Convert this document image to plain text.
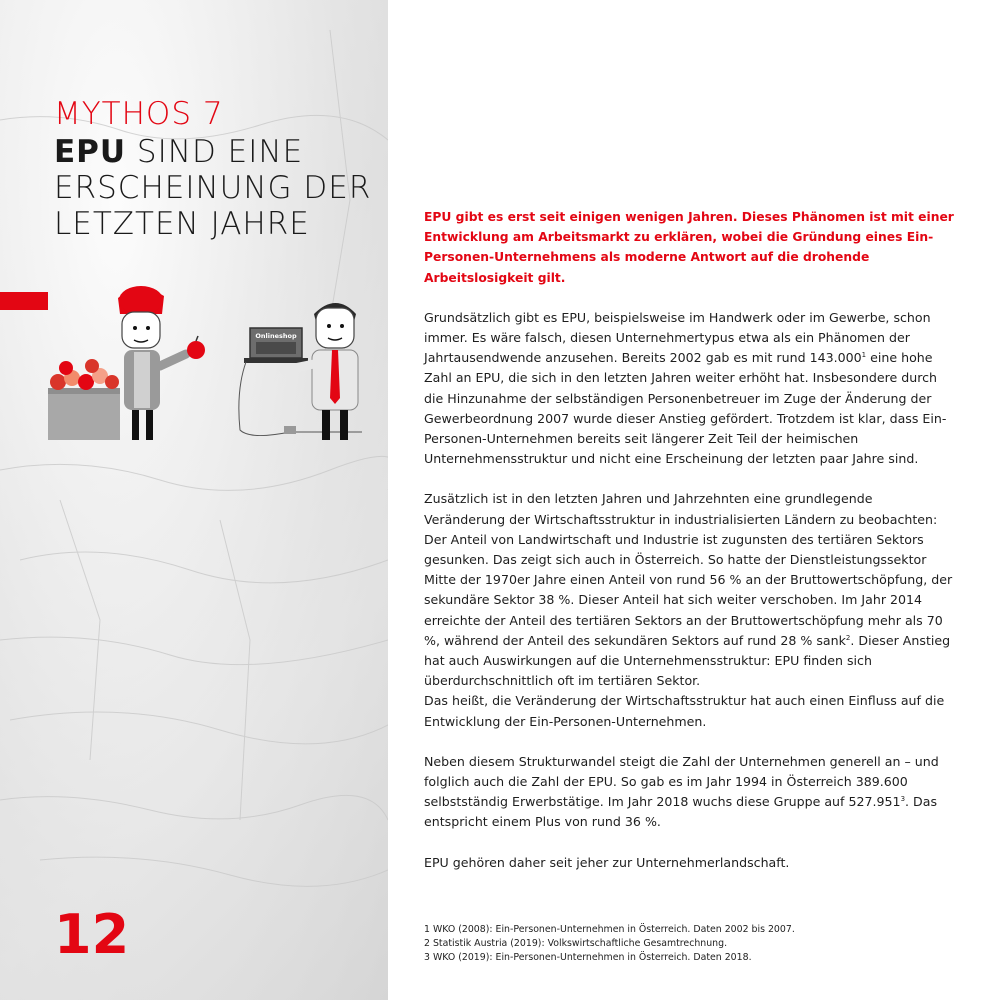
MYTHOS 7
EPU SIND EINE
ERSCHEINUNG DER
LETZTEN JAHRE
Onlineshop
12

EPU gibt es erst seit einigen wenigen Jahren. Dieses Phänomen ist mit einer Entwicklung am Arbeitsmarkt zu erklären, wobei die Gründung eines Ein-Personen-Unternehmens als moderne Antwort auf die drohende Arbeitslosigkeit gilt.

Grundsätzlich gibt es EPU, beispielsweise im Handwerk oder im Gewerbe, schon immer. Es wäre falsch, diesen Unternehmertypus etwa als ein Phänomen der Jahrtausendwende anzusehen. Bereits 2002 gab es mit rund 143.000$^1$ eine hohe Zahl an EPU, die sich in den letzten Jahren weiter erhöht hat. Insbesondere durch die Hinzunahme der selbständigen Personenbetreuer im Zuge der Änderung der Gewerbeordnung 2007 wurde dieser Anstieg gefördert. Trotzdem ist klar, dass Ein-Personen-Unternehmen bereits seit längerer Zeit Teil der heimischen Unternehmensstruktur und nicht eine Erscheinung der letzten paar Jahre sind.

Zusätzlich ist in den letzten Jahren und Jahrzehnten eine grundlegende Veränderung der Wirtschaftsstruktur in industrialisierten Ländern zu beobachten: Der Anteil von Landwirtschaft und Industrie ist zugunsten des tertiären Sektors gesunken. Das zeigt sich auch in Österreich. So hatte der Dienstleistungssektor Mitte der 1970er Jahre einen Anteil von rund 56 % an der Bruttowertschöpfung, der sekundäre Sektor 38 %. Dieser Anteil hat sich weiter verschoben. Im Jahr 2014 erreichte der Anteil des tertiären Sektors an der Bruttowertschöpfung mehr als 70 %, während der Anteil des sekundären Sektors auf rund 28 % sank$^2$. Dieser Anstieg hat auch Auswirkungen auf die Unternehmensstruktur: EPU finden sich überdurchschnittlich oft im tertiären Sektor.
Das heißt, die Veränderung der Wirtschaftsstruktur hat auch einen Einfluss auf die Entwicklung der Ein-Personen-Unternehmen.

Neben diesem Strukturwandel steigt die Zahl der Unternehmen generell an – und folglich auch die Zahl der EPU. So gab es im Jahr 1994 in Österreich 389.600 selbstständig Erwerbstätige. Im Jahr 2018 wuchs diese Gruppe auf 527.951$^3$. Das entspricht einem Plus von rund 36 %.

EPU gehören daher seit jeher zur Unternehmerlandschaft.

1 WKO (2008): Ein-Personen-Unternehmen in Österreich. Daten 2002 bis 2007.
2 Statistik Austria (2019): Volkswirtschaftliche Gesamtrechnung.
3 WKO (2019): Ein-Personen-Unternehmen in Österreich. Daten 2018.
